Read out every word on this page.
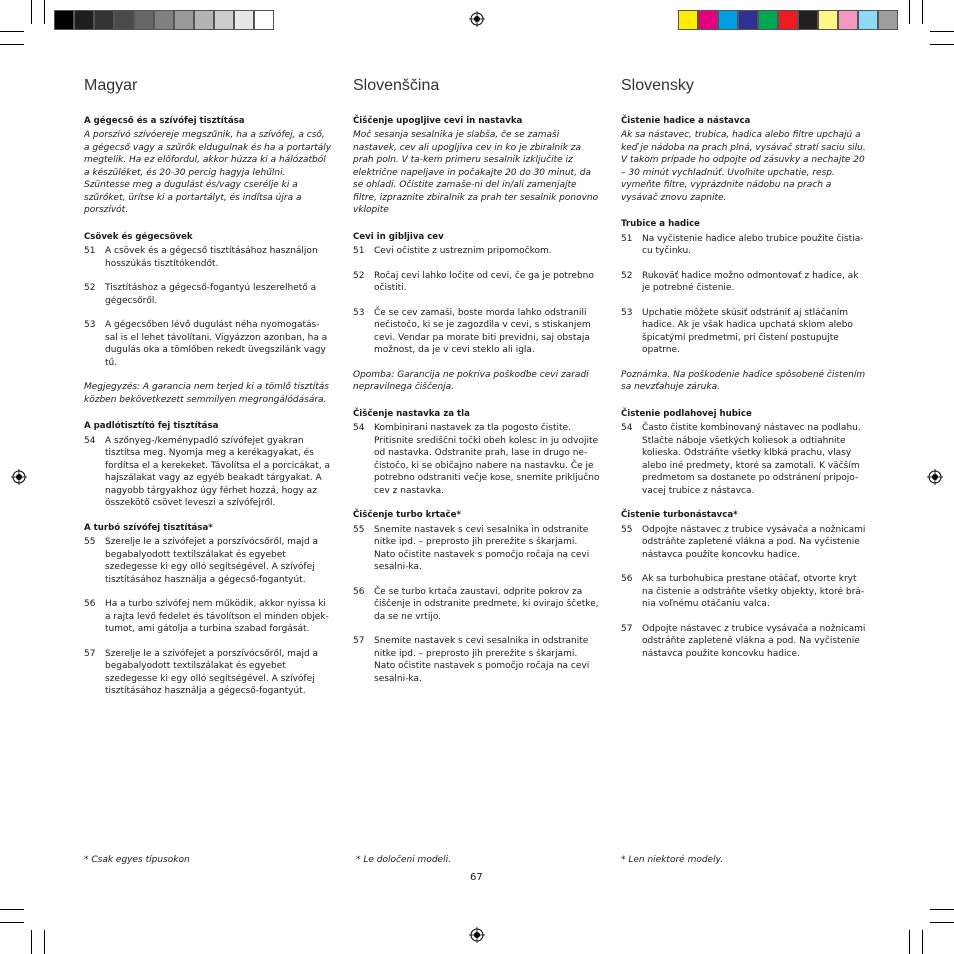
Magyar
A gégecső és a szívófej tisztítása
A porszívó szívóereje megszűnik, ha a szívófej, a cső, a gégecső vagy a szűrők eldugulnak és ha a portartály megtelik. Ha ez előfordul, akkor húzza ki a hálózatból a készüléket, és 20-30 percig hagyja lehűlni. Szüntesse meg a dugulást és/vagy cserélje ki a szűrőket, ürítse ki a portartályt, és indítsa újra a porszívót.
Csövek és gégecsövek
51	A csövek és a gégecső tisztításához használjon hosszúkás tisztítókendőt.
52	Tisztításhoz a gégecső-fogantyú leszerelhető a gégecsőről.
53	A gégecsőben lévő dugulást néha nyomogatás-sal is el lehet távolítani. Vigyázzon azonban, ha a dugulás oka a tömlőben rekedt üvegszilánk vagy tű.
Megjegyzés: A garancia nem terjed ki a tömlő tisztítás közben bekövetkezett semmilyen megrongálódására.
A padlótisztító fej tisztítása
54	A szőnyeg-/keménypadló szívófejet gyakran tisztítsa meg. Nyomja meg a kerékagyakat, és fordítsa el a kerekeket. Távolítsa el a porcicákat, a hajszálakat vagy az egyéb beakadt tárgyakat. A nagyobb tárgyakhoz úgy férhet hozzá, hogy az összekötő csövet leveszi a szívófejről.
A turbó szívófej tisztítása*
55	Szerelje le a szívófejet a porszívócsőről, majd a begabalyodott textilszálakat és egyebet szedegesse ki egy olló segítségével. A szívófej tisztításához használja a gégecső-fogantyút.
56	Ha a turbo szívófej nem működik, akkor nyissa ki a rajta levő fedelet és távolítson el minden objek-tumot, ami gátolja a turbina szabad forgását.
57	Szerelje le a szívófejet a porszívócsőről, majd a begabalyodott textilszálakat és egyebet szedegesse ki egy olló segítségével. A szívófej tisztításához használja a gégecső-fogantyút.
Slovenščina
Čiščenje upogljive cevi in nastavka
Moč sesanja sesalnika je slabša, če se zamaši nastavek, cev ali upogljiva cev in ko je zbiralnik za prah poln. V ta-kem primeru sesalnik izključite iz električne napeljave in počakajte 20 do 30 minut, da se ohladi. Očistite zamaše-ni del in/ali zamenjajte filtre, izpraznite zbiralnik za prah ter sesalnik ponovno vklopite
Cevi in gibljiva cev
51	Cevi očistite z ustreznim pripomočkom.
52	Ročaj cevi lahko ločite od cevi, če ga je potrebno očistiti.
53	Če se cev zamaši, boste morda lahko odstranili nečistočo, ki se je zagozdila v cevi, s stiskanjem cevi. Vendar pa morate biti previdni, saj obstaja možnost, da je v cevi steklo ali igla.
Opomba: Garancija ne pokriva poškodbe cevi zaradi nepravilnega čiščenja.
Čiščenje nastavka za tla
54	Kombinirani nastavek za tla pogosto čistite. Pritisnite središčni točki obeh kolesc in ju odvojite od nastavka. Odstranite prah, lase in drugo ne-čistočo, ki se običajno nabere na nastavku. Če je potrebno odstraniti večje kose, snemite priključno cev z nastavka.
Čiščenje turbo krtače*
55	Snemite nastavek s cevi sesalnika in odstranite nitke ipd. – preprosto jih prerežite s škarjami. Nato očistite nastavek s pomočjo ročaja na cevi sesalni-ka.
56	Če se turbo krtača zaustavi, odprite pokrov za čiščenje in odstranite predmete, ki ovirajo ščetke, da se ne vrtijo.
57	Snemite nastavek s cevi sesalnika in odstranite nitke ipd. – preprosto jih prerežite s škarjami. Nato očistite nastavek s pomočjo ročaja na cevi sesalni-ka.
Slovensky
Čistenie hadice a nástavca
Ak sa nástavec, trubica, hadica alebo filtre upchajú a keď je nádoba na prach plná, vysávač stratí saciu silu. V takom prípade ho odpojte od zásuvky a nechajte 20 – 30 minút vychladnúť. Uvoľnite upchatie, resp. vymeňte filtre, vyprázdnite nádobu na prach a vysávač znovu zapnite.
Trubice a hadice
51	Na vyčistenie hadice alebo trubice použite čistia-cu tyčinku.
52	Rukoväť hadice možno odmontovať z hadice, ak je potrebné čistenie.
53	Upchatie môžete skúsiť odstrániť aj stláčaním hadice. Ak je však hadica upchatá sklom alebo špicatými predmetmi, pri čistení postupujte opatrne.
Poznámka. Na poškodenie hadice spôsobené čistením sa nevzťahuje záruka.
Čistenie podlahovej hubice
54	Často čistite kombinovaný nástavec na podlahu. Stlačte náboje všetkých koliesok a odtiahnite kolieska. Odstráňte všetky klbká prachu, vlasy alebo iné predmety, ktoré sa zamotali. K väčším predmetom sa dostanete po odstránení pripojo-vacej trubice z nástavca.
Čistenie turbonástavca*
55	Odpojte nástavec z trubice vysávača a nožnicami odstráňte zapletené vlákna a pod. Na vyčistenie nástavca použite koncovku hadice.
56	Ak sa turbohubica prestane otáčať, otvorte kryt na čistenie a odstráňte všetky objekty, ktoré brá-nia voľnému otáčaniu valca.
57	Odpojte nástavec z trubice vysávača a nožnicami odstráňte zapletené vlákna a pod. Na vyčistenie nástavca použite koncovku hadice.
* Csak egyes típusokon	* Le določeni modeli.	* Len niektoré modely.
67
